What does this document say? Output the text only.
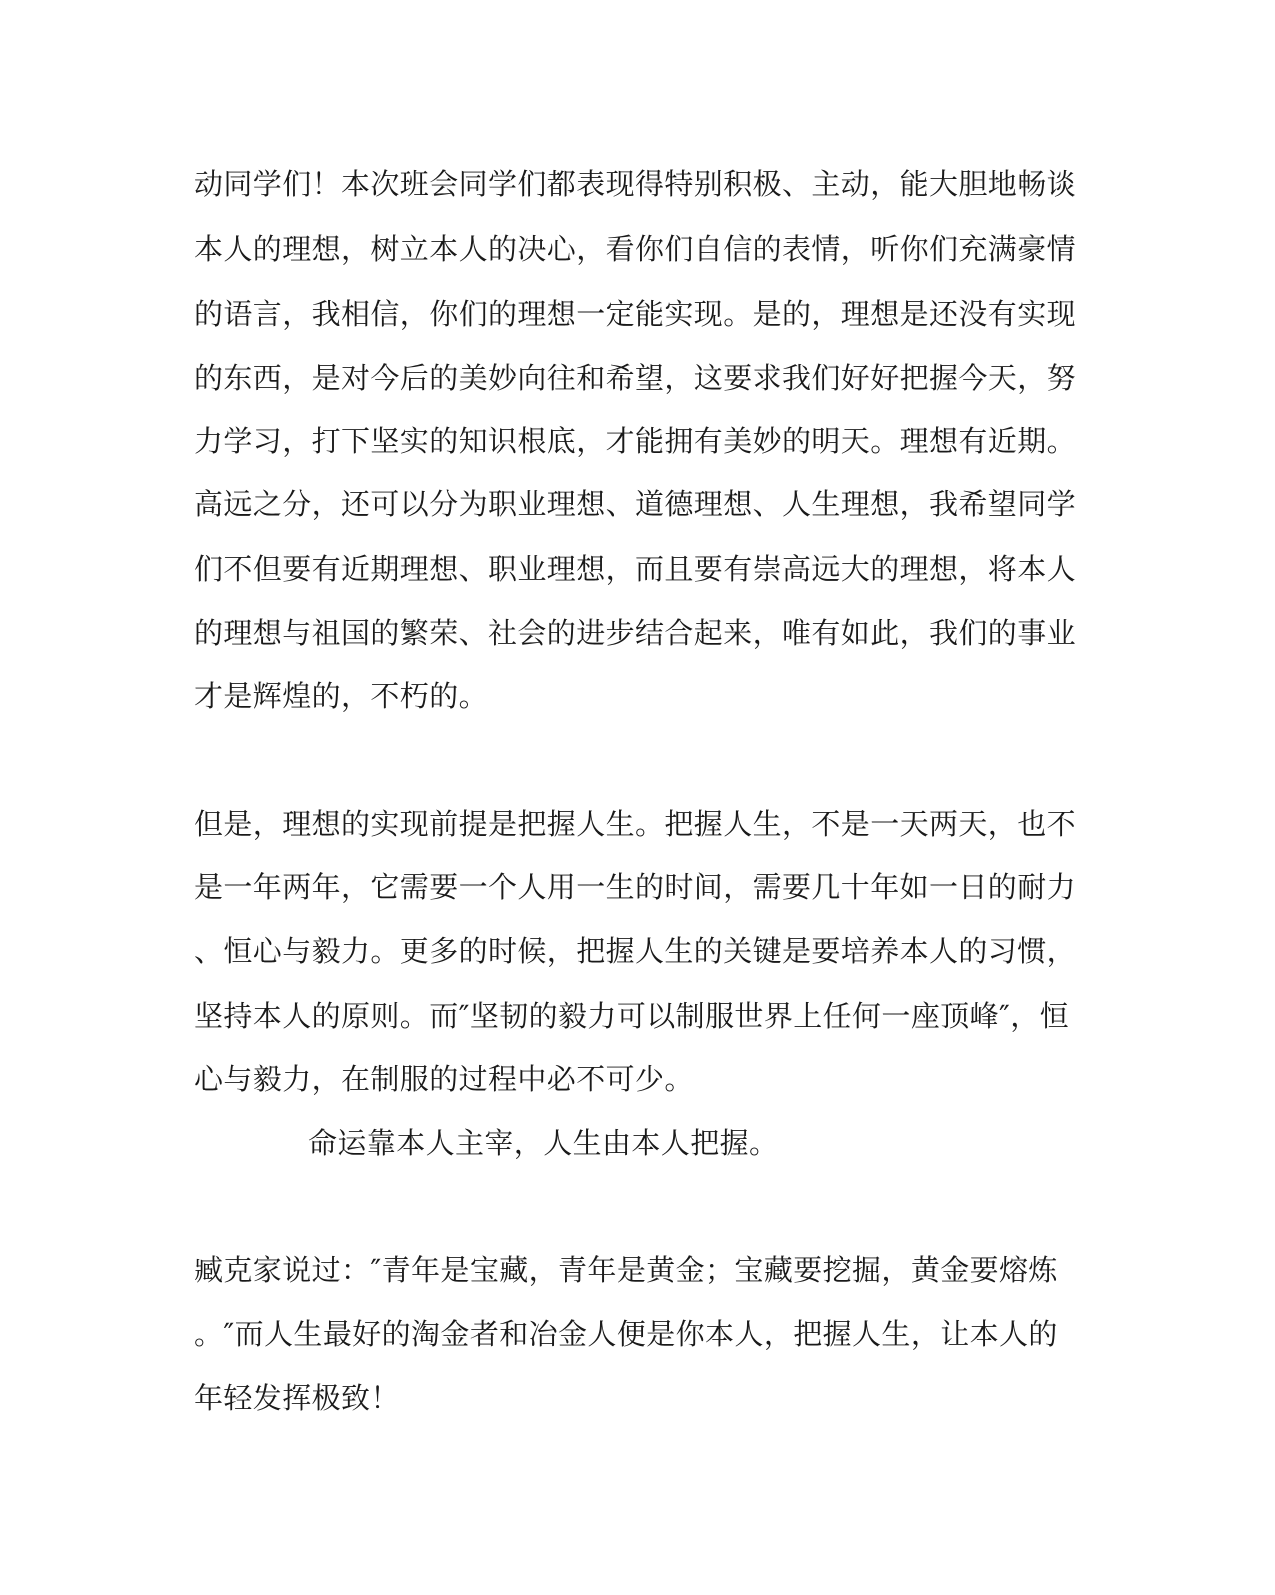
动同学们！本次班会同学们都表现得特别积极、主动，能大胆地畅谈

本人的理想，树立本人的决心，看你们自信的表情，听你们充满豪情

的语言，我相信，你们的理想一定能实现。是的，理想是还没有实现

的东西，是对今后的美妙向往和希望，这要求我们好好把握今天，努

力学习，打下坚实的知识根底，才能拥有美妙的明天。理想有近期。

高远之分，还可以分为职业理想、道德理想、人生理想，我希望同学

们不但要有近期理想、职业理想，而且要有崇高远大的理想，将本人

的理想与祖国的繁荣、社会的进步结合起来，唯有如此，我们的事业

才是辉煌的，不朽的。

但是，理想的实现前提是把握人生。把握人生，不是一天两天，也不

是一年两年，它需要一个人用一生的时间，需要几十年如一日的耐力

、恒心与毅力。更多的时候，把握人生的关键是要培养本人的习惯，

坚持本人的原则。而″坚韧的毅力可以制服世界上任何一座顶峰″，恒

心与毅力，在制服的过程中必不可少。

命运靠本人主宰，人生由本人把握。

臧克家说过：″青年是宝藏，青年是黄金；宝藏要挖掘，黄金要熔炼

。″而人生最好的淘金者和冶金人便是你本人，把握人生，让本人的

年轻发挥极致！
